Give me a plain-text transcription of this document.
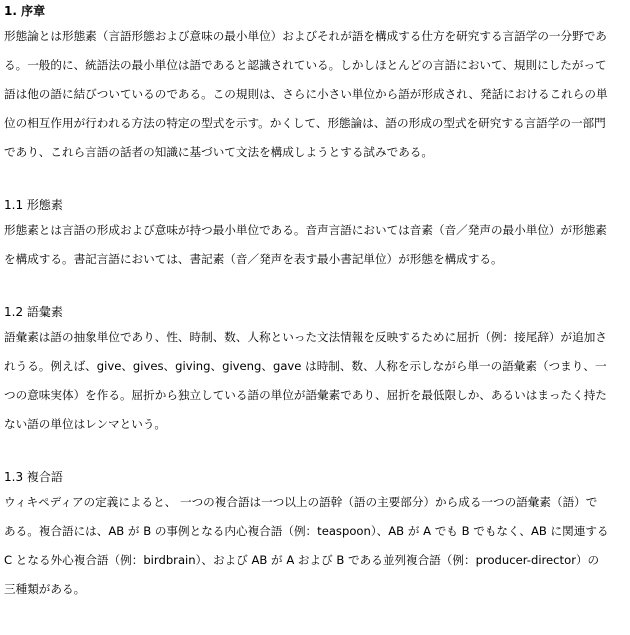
1. 序章

形態論とは形態素（言語形態および意味の最小単位）およびそれが語を構成する仕方を研究する言語学の一分野であ
る。一般的に、統語法の最小単位は語であると認識されている。しかしほとんどの言語において、規則にしたがって
語は他の語に結びついているのである。この規則は、さらに小さい単位から語が形成され、発話におけるこれらの単
位の相互作用が行われる方法の特定の型式を示す。かくして、形態論は、語の形成の型式を研究する言語学の一部門
であり、これら言語の話者の知識に基づいて文法を構成しようとする試みである。

1.1 形態素

形態素とは言語の形成および意味が持つ最小単位である。音声言語においては音素（音／発声の最小単位）が形態素
を構成する。書記言語においては、書記素（音／発声を表す最小書記単位）が形態を構成する。

1.2 語彙素

語彙素は語の抽象単位であり、性、時制、数、人称といった文法情報を反映するために屈折（例：接尾辞）が追加さ
れうる。例えば、give、gives、giving、giveng、gave は時制、数、人称を示しながら単一の語彙素（つまり、一
つの意味実体）を作る。屈折から独立している語の単位が語彙素であり、屈折を最低限しか、あるいはまったく持た
ない語の単位はレンマという。

1.3 複合語

ウィキペディアの定義によると、 一つの複合語は一つ以上の語幹（語の主要部分）から成る一つの語彙素（語）で
ある。複合語には、AB が B の事例となる内心複合語（例：teaspoon）、AB が A でも B でもなく、AB に関連する
C となる外心複合語（例：birdbrain）、および AB が A および B である並列複合語（例：producer-director）の
三種類がある。
